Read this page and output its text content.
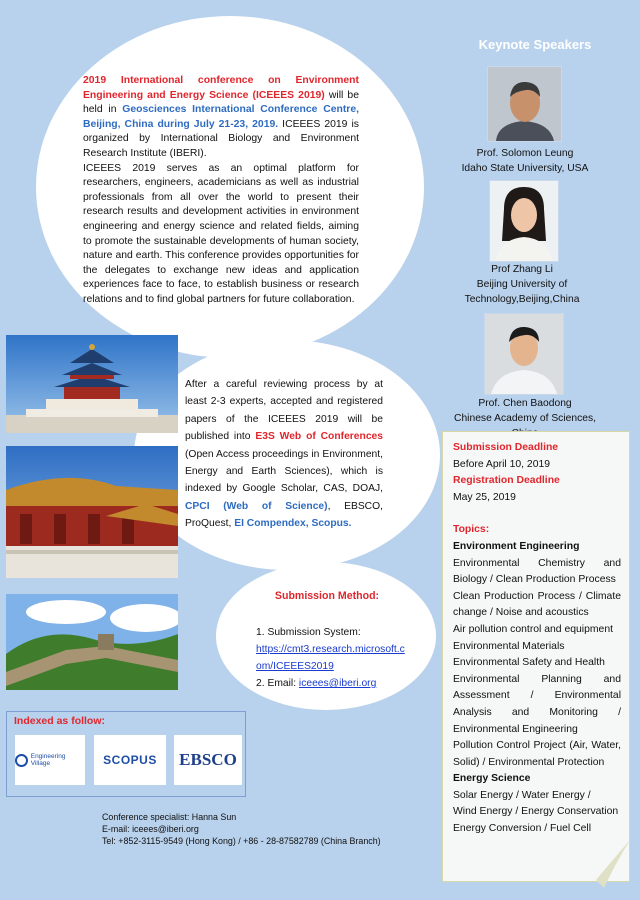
2019 International conference on Environment Engineering and Energy Science (ICEEES 2019) will be held in Geosciences International Conference Centre, Beijing, China during July 21-23, 2019. ICEEES 2019 is organized by International Biology and Environment Research Institute (IBERI).

ICEEES 2019 serves as an optimal platform for researchers, engineers, academicians as well as industrial professionals from all over the world to present their research results and development activities in environment engineering and energy science and related fields, aiming to promote the sustainable developments of human society, nature and earth. This conference provides opportunities for the delegates to exchange new ideas and application experiences face to face, to establish business or research relations and to find global partners for future collaboration.

Keynote Speakers
Prof. Solomon Leung
Idaho State University, USA
Prof Zhang Li
Beijing University of Technology,Beijing,China
Prof. Chen Baodong
Chinese Academy of Sciences,
After a careful reviewing process by at least 2-3 experts, accepted and registered papers of the ICEEES 2019 will be published into E3S Web of Conferences (Open Access proceedings in Environment, Energy and Earth Sciences), which is indexed by Google Scholar, CAS, DOAJ, CPCI (Web of Science), EBSCO, ProQuest, EI Compendex, Scopus.
Submission Method:
1. Submission System:
https://cmt3.research.microsoft.com/ICEEES2019
2. Email: iceees@iberi.org
Indexed as follow:
Engineering Village	SCOPUS EBSCO
Conference specialist: Hanna Sun
E-mail: iceees@iberi.org
Tel: +852-3115-9549 (Hong Kong) / +86 - 28-87582789 (China Branch)
Submission Deadline
Before April 10, 2019
Registration Deadline
May 25, 2019
Topics:
Environment Engineering
Environmental Chemistry and Biology / Clean Production Process
Clean Production Process / Climate change / Noise and acoustics
Air pollution control and equipment
Environmental Materials
Environmental Safety and Health
Environmental Planning and Assessment / Environmental Analysis and Monitoring / Environmental Engineering
Pollution Control Project (Air, Water, Solid) / Environmental Protection
Energy Science
Solar Energy / Water Energy /
Wind Energy / Energy Conservation
Energy Conversion / Fuel Cell
